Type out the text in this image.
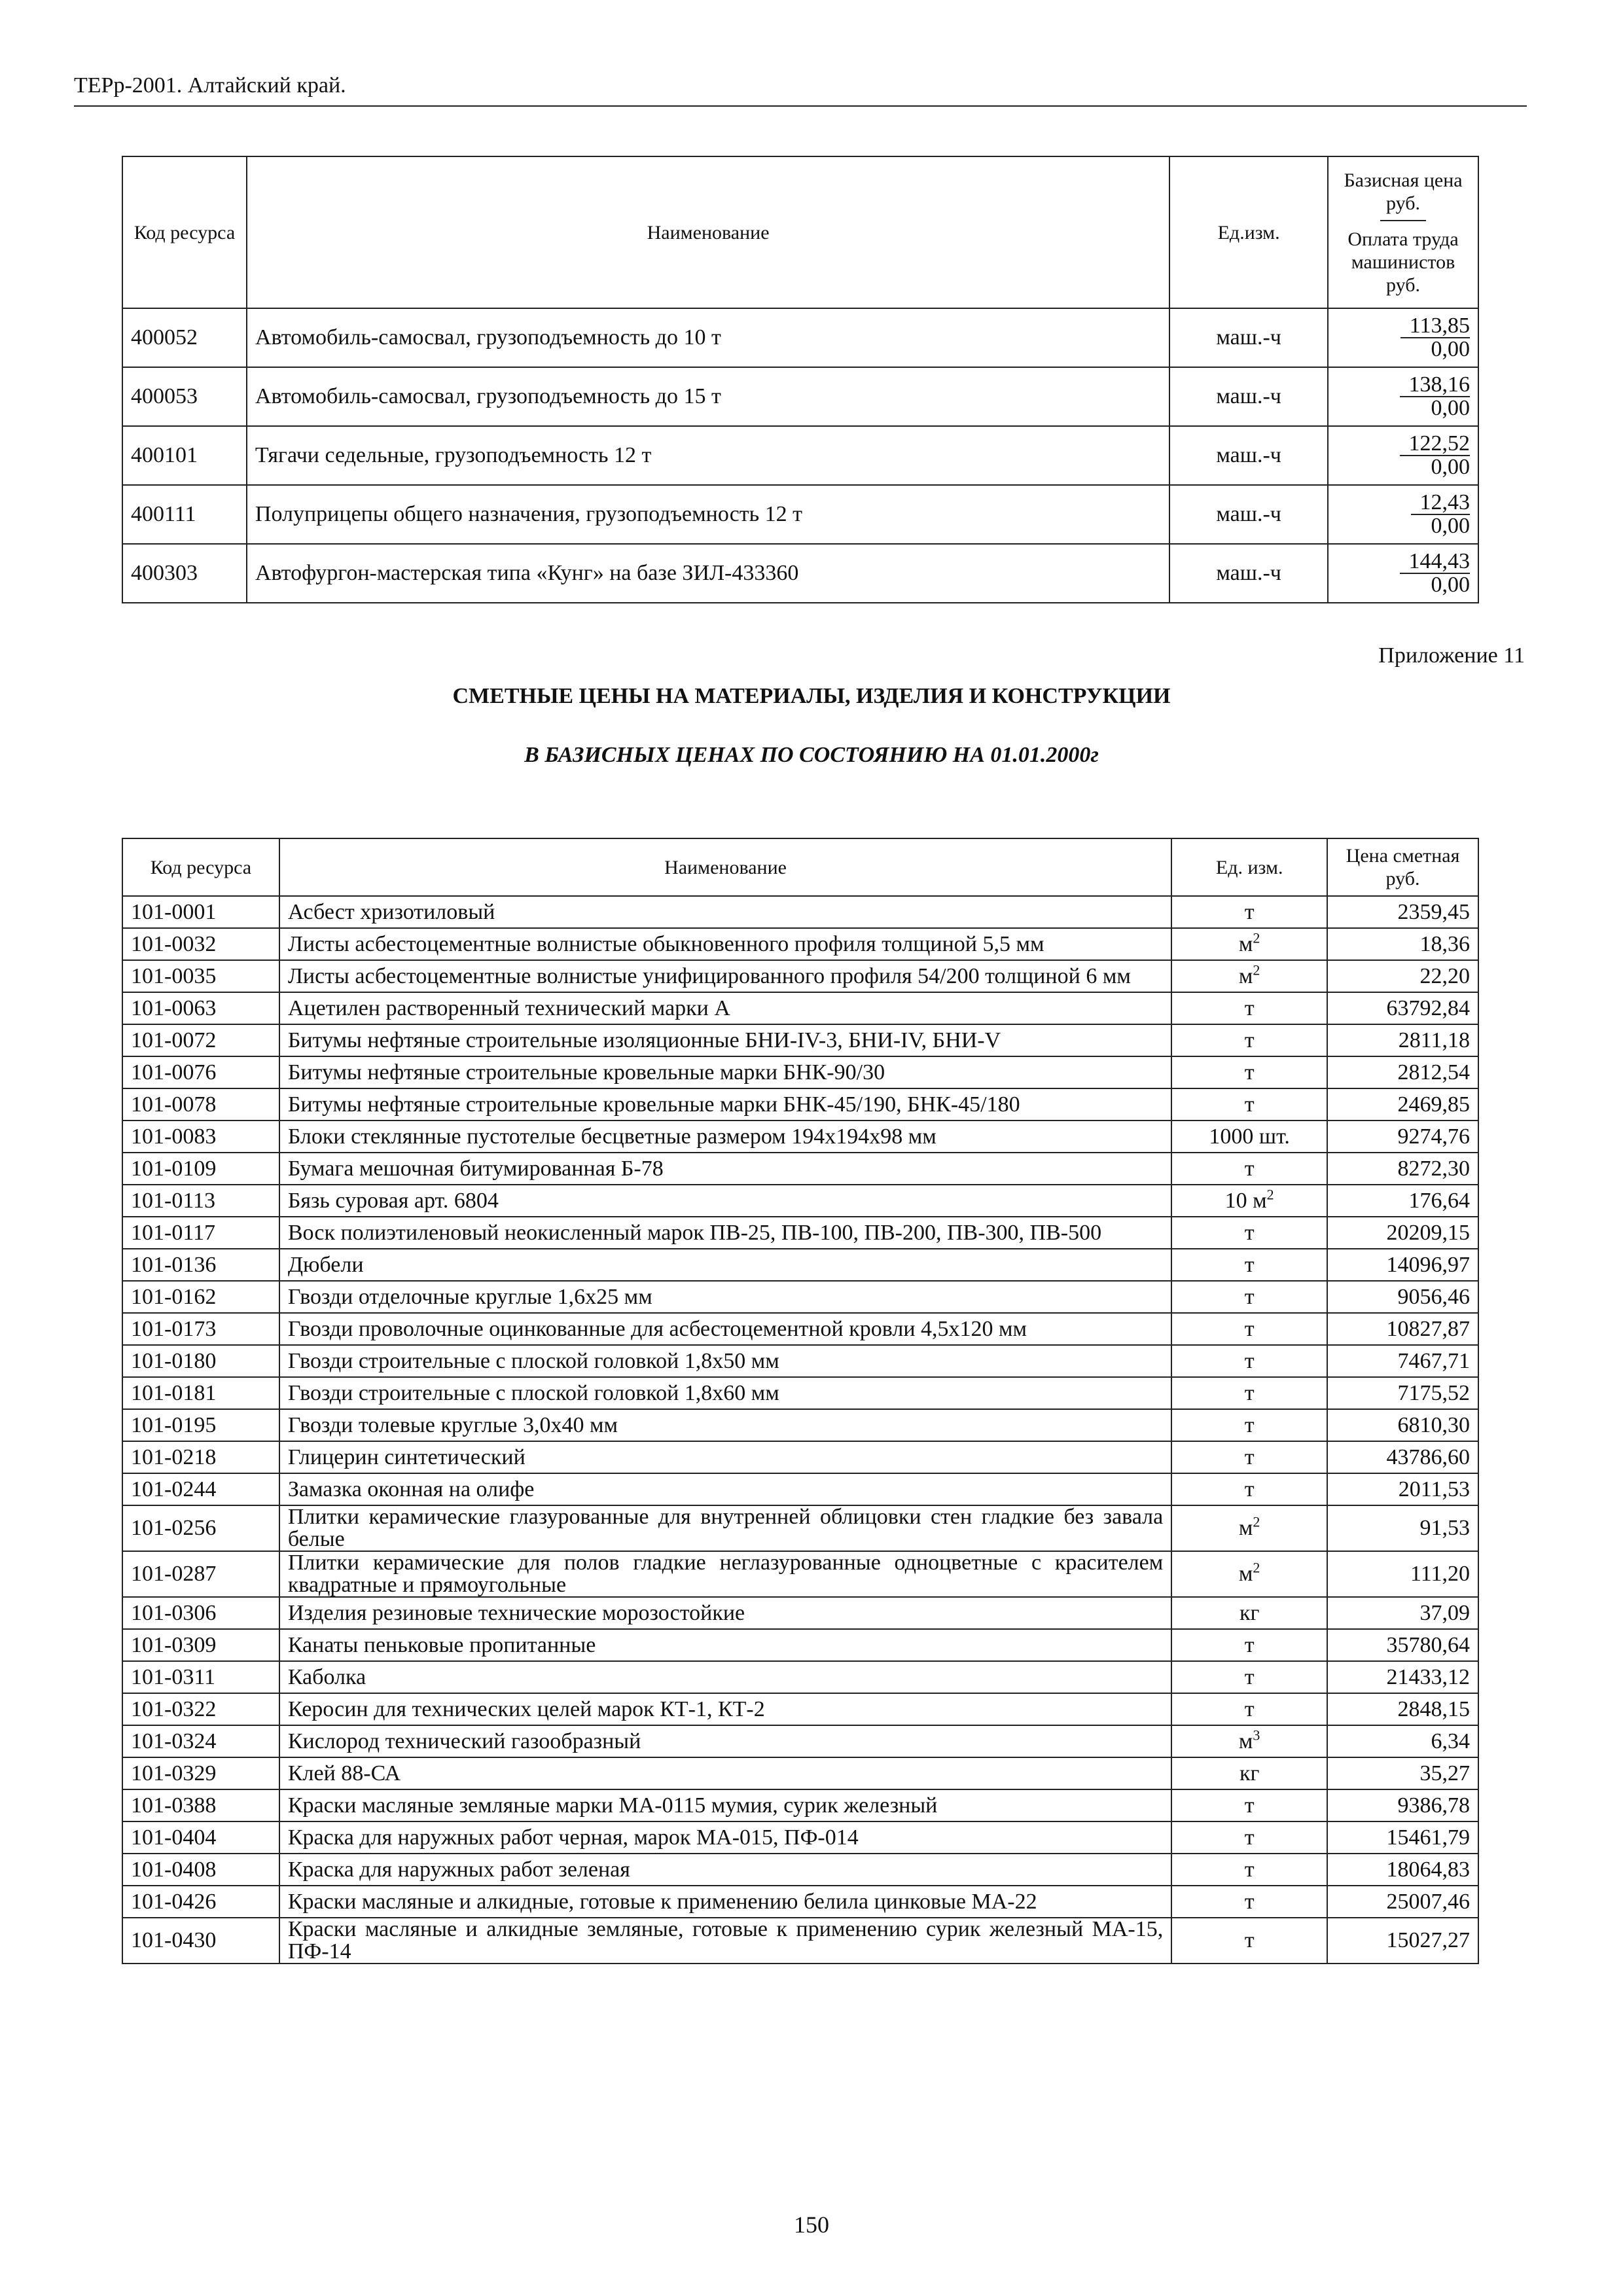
ТЕРр-2001. Алтайский край.
Код ресурса	Наименование	Ед.изм.	Базисная цена руб.
Оплата труда машинистов руб.
400052	Автомобиль-самосвал, грузоподъемность до 10 т	маш.-ч	113,85
0,00

400053	Автомобиль-самосвал, грузоподъемность до 15 т	маш.-ч	138,16
0,00

400101	Тягачи седельные, грузоподъемность 12 т	маш.-ч	122,52
0,00

400111	Полуприцепы общего назначения, грузоподъемность 12 т	маш.-ч	12,43
0,00

400303	Автофургон-мастерская типа «Кунг» на базе ЗИЛ-433360	маш.-ч	144,43
0,00
Приложение 11
СМЕТНЫЕ ЦЕНЫ НА МАТЕРИАЛЫ, ИЗДЕЛИЯ И КОНСТРУКЦИИ
В БАЗИСНЫХ ЦЕНАХ ПО СОСТОЯНИЮ НА 01.01.2000г
Код ресурса	Наименование	Ед. изм.	Цена сметная руб.
101-0001	Асбест хризотиловый	т	2359,45
101-0032	Листы асбестоцементные волнистые обыкновенного профиля толщиной 5,5 мм	$м^2$	18,36
101-0035	Листы асбестоцементные волнистые унифицированного профиля 54/200 толщиной 6 мм	$м^2$	22,20
101-0063	Ацетилен растворенный технический марки А	т	63792,84
101-0072	Битумы нефтяные строительные изоляционные БНИ-IV-3, БНИ-IV, БНИ-V	т	2811,18
101-0076	Битумы нефтяные строительные кровельные марки БНК-90/30	т	2812,54
101-0078	Битумы нефтяные строительные кровельные марки БНК-45/190, БНК-45/180	т	2469,85
101-0083	Блоки стеклянные пустотелые бесцветные размером 194х194х98 мм	1000 шт.	9274,76
101-0109	Бумага мешочная битумированная Б-78	т	8272,30
101-0113	Бязь суровая арт. 6804	10 $м^2$	176,64
101-0117	Воск полиэтиленовый неокисленный марок ПВ-25, ПВ-100, ПВ-200, ПВ-300, ПВ-500	т	20209,15
101-0136	Дюбели	т	14096,97
101-0162	Гвозди отделочные круглые 1,6х25 мм	т	9056,46
101-0173	Гвозди проволочные оцинкованные для асбестоцементной кровли 4,5х120 мм	т	10827,87
101-0180	Гвозди строительные с плоской головкой 1,8х50 мм	т	7467,71
101-0181	Гвозди строительные с плоской головкой 1,8х60 мм	т	7175,52
101-0195	Гвозди толевые круглые 3,0х40 мм	т	6810,30
101-0218	Глицерин синтетический	т	43786,60
101-0244	Замазка оконная на олифе	т	2011,53
101-0256	Плитки керамические глазурованные для внутренней облицовки стен гладкие без завала белые	$м^2$	91,53
101-0287	Плитки керамические для полов гладкие неглазурованные одноцветные с красителем квадратные и прямоугольные	$м^2$	111,20
101-0306	Изделия резиновые технические морозостойкие	кг	37,09
101-0309	Канаты пеньковые пропитанные	т	35780,64
101-0311	Каболка	т	21433,12
101-0322	Керосин для технических целей марок КТ-1, КТ-2	т	2848,15
101-0324	Кислород технический газообразный	$м^3$	6,34
101-0329	Клей 88-СА	кг	35,27
101-0388	Краски масляные земляные марки МА-0115 мумия, сурик железный	т	9386,78
101-0404	Краска для наружных работ черная, марок МА-015, ПФ-014	т	15461,79
101-0408	Краска для наружных работ зеленая	т	18064,83
101-0426	Краски масляные и алкидные, готовые к применению белила цинковые МА-22	т	25007,46
101-0430	Краски масляные и алкидные земляные, готовые к применению сурик железный МА-15, ПФ-14	т	15027,27
150
